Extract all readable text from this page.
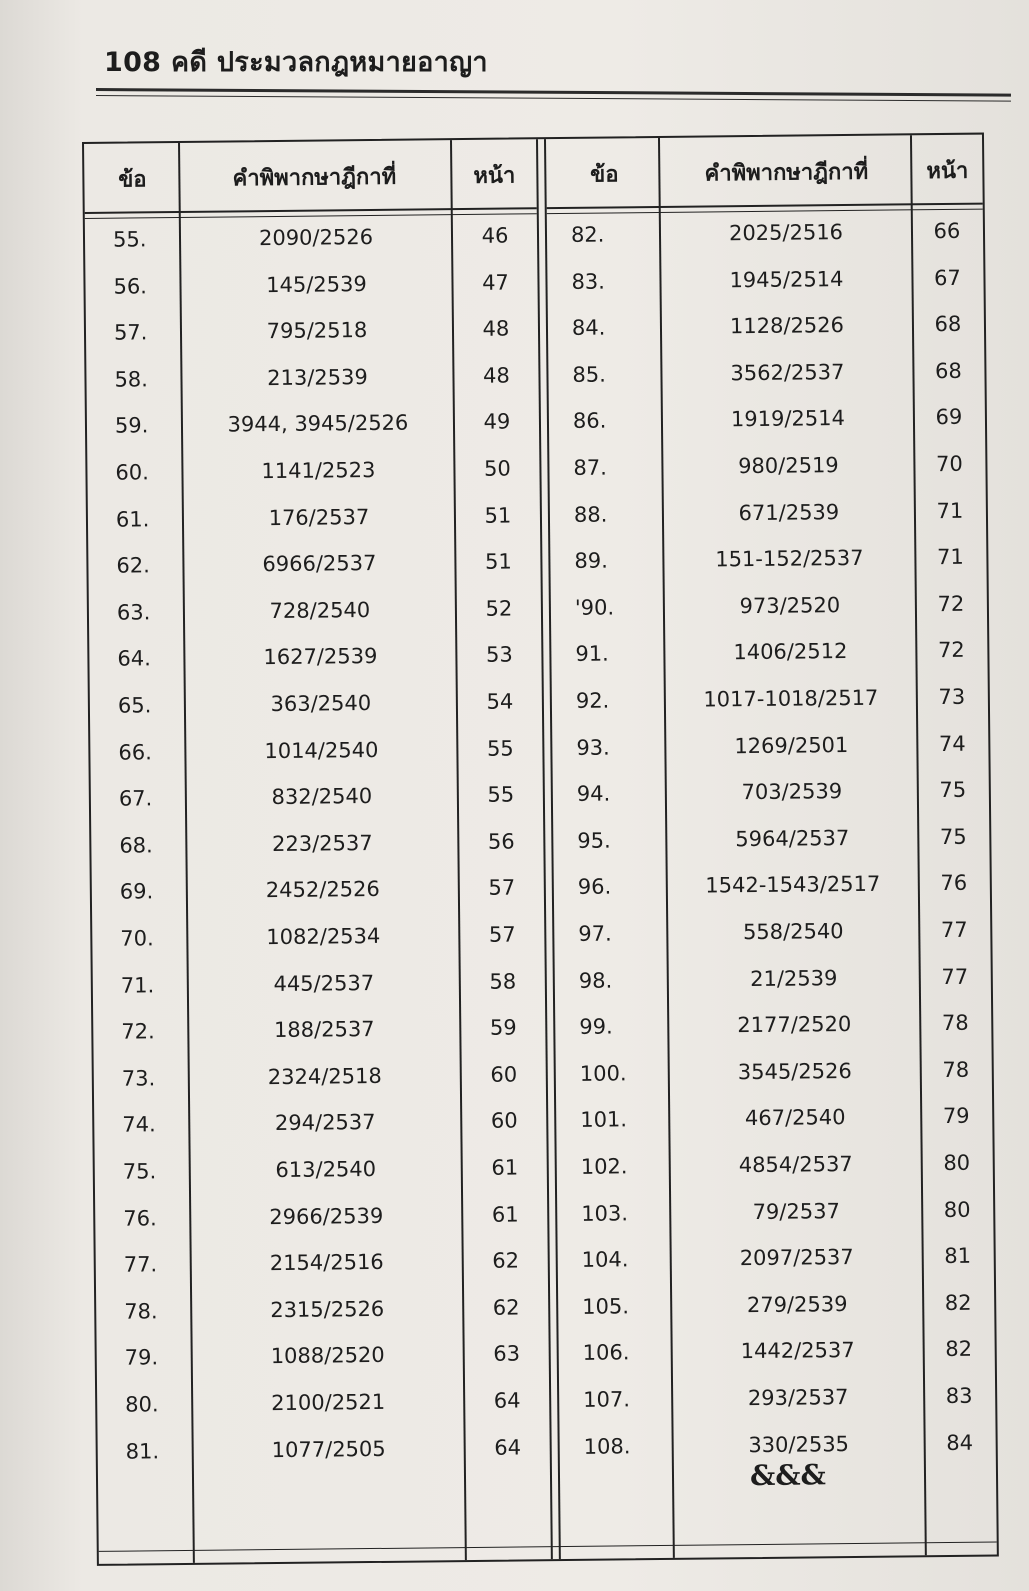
108 คดี ประมวลกฎหมายอาญา
ข้อ	คำพิพากษาฎีกาที่	หน้า
55.	2090/2526	46
56.	145/2539	47
57.	795/2518	48
58.	213/2539	48
59.	3944, 3945/2526	49
60.	1141/2523	50
61.	176/2537	51
62.	6966/2537	51
63.	728/2540	52
64.	1627/2539	53
65.	363/2540	54
66.	1014/2540	55
67.	832/2540	55
68.	223/2537	56
69.	2452/2526	57
70.	1082/2534	57
71.	445/2537	58
72.	188/2537	59
73.	2324/2518	60
74.	294/2537	60
75.	613/2540	61
76.	2966/2539	61
77.	2154/2516	62
78.	2315/2526	62
79.	1088/2520	63
80.	2100/2521	64
81.	1077/2505	64
ข้อ	คำพิพากษาฎีกาที่	หน้า
&&&
82.	2025/2516	66
83.	1945/2514	67
84.	1128/2526	68
85.	3562/2537	68
86.	1919/2514	69
87.	980/2519	70
88.	671/2539	71
89.	151-152/2537	71
'90.	973/2520	72
91.	1406/2512	72
92.	1017-1018/2517	73
93.	1269/2501	74
94.	703/2539	75
95.	5964/2537	75
96.	1542-1543/2517	76
97.	558/2540	77
98.	21/2539	77
99.	2177/2520	78
100.	3545/2526	78
101.	467/2540	79
102.	4854/2537	80
103.	79/2537	80
104.	2097/2537	81
105.	279/2539	82
106.	1442/2537	82
107.	293/2537	83
108.	330/2535	84
